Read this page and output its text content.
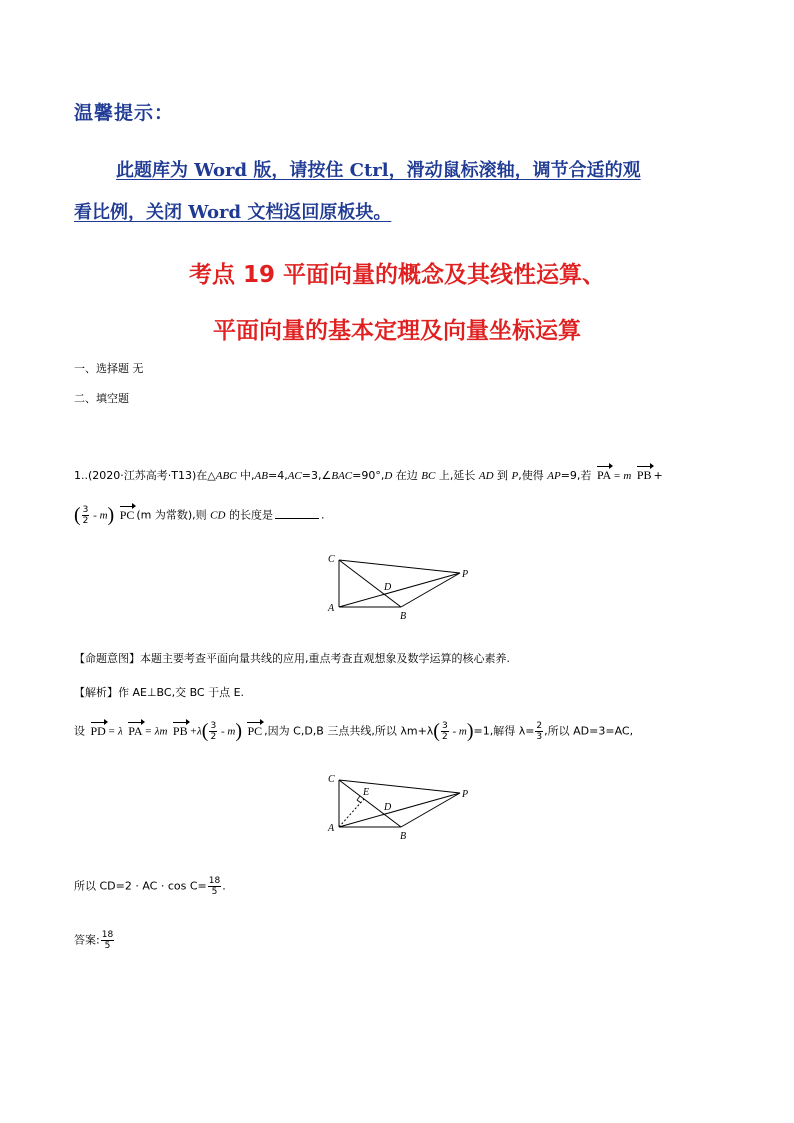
温馨提示：
此题库为 Word 版，请按住 Ctrl，滑动鼠标滚轴，调节合适的观
看比例，关闭 Word 文档返回原板块。
考点 19 平面向量的概念及其线性运算、
平面向量的基本定理及向量坐标运算
一、选择题 无
二、填空题
1..(2020·江苏高考·T13)在△ABC 中,AB=4,AC=3,∠BAC=90°,D 在边 BC 上,延长 AD 到 P,使得 AP=9,若 PA = m PB +
( $\frac{3}{2} - m$) PC (m 为常数),则 CD 的长度是	.
C
A
B
D
P
【命题意图】本题主要考查平面向量共线的应用,重点考查直观想象及数学运算的核心素养.
【解析】作 AE⊥BC,交 BC 于点 E.
设 PD = λ PA = λm PB $+\lambda( \frac{3}{2} - m)$ PC ,因为 C,D,B 三点共线,所以 $\lambda m+\lambda( \frac{3}{2} - m)=1$,解得 $\lambda= \frac{2}{3}$ ,所以 AD=3=AC,
C
A
B
D
P
E
所以 CD=2 · AC · $\cos C= \frac{18}{5}$ .
答案: $\frac{18}{5}$
